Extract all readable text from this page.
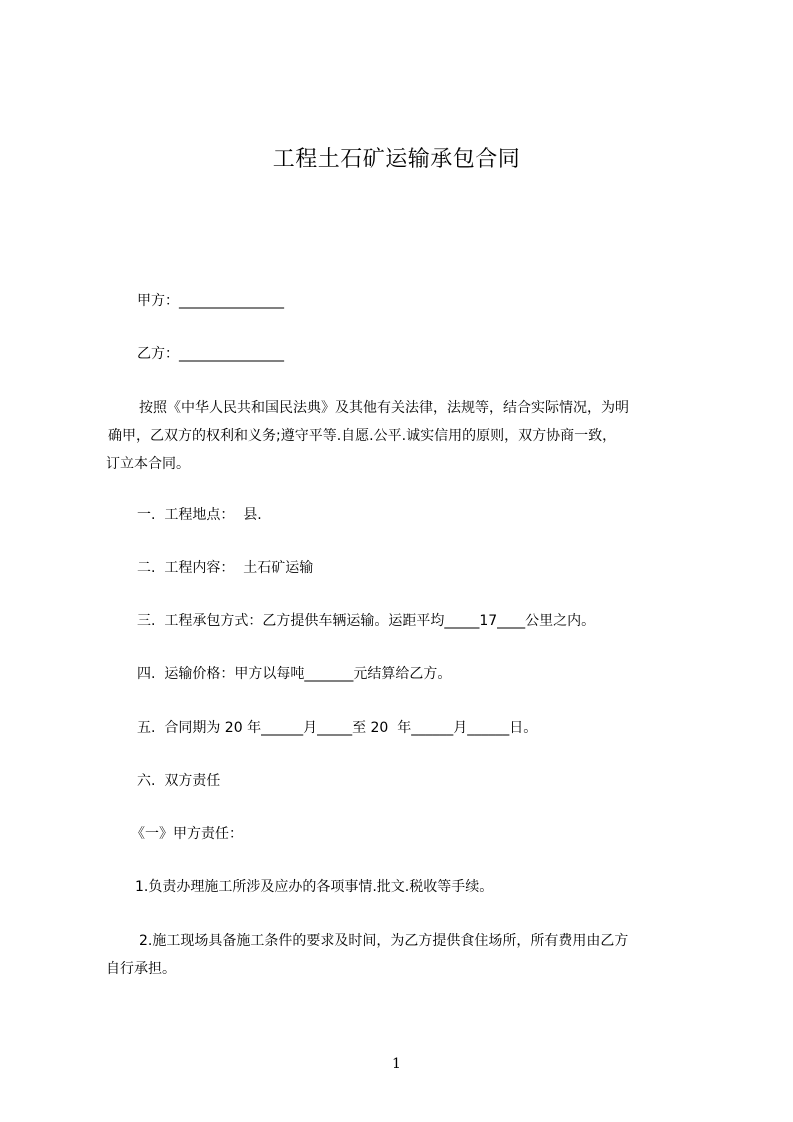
工程土石矿运输承包合同
甲方：_______________
乙方：_______________
按照《中华人民共和国民法典》及其他有关法律，法规等，结合实际情况，为明
确甲，乙双方的权利和义务;遵守平等.自愿.公平.诚实信用的原则，双方协商一致，
订立本合同。
一.  工程地点：  县.
二.  工程内容：  土石矿运输
三.  工程承包方式：乙方提供车辆运输。运距平均_____17____公里之内。
四.  运输价格：甲方以每吨_______元结算给乙方。
五.  合同期为 20 年______月_____至 20  年______月______日。
六.  双方责任
《一》甲方责任：
1.负责办理施工所涉及应办的各项事情.批文.税收等手续。
2.施工现场具备施工条件的要求及时间，为乙方提供食住场所，所有费用由乙方
自行承担。
1
